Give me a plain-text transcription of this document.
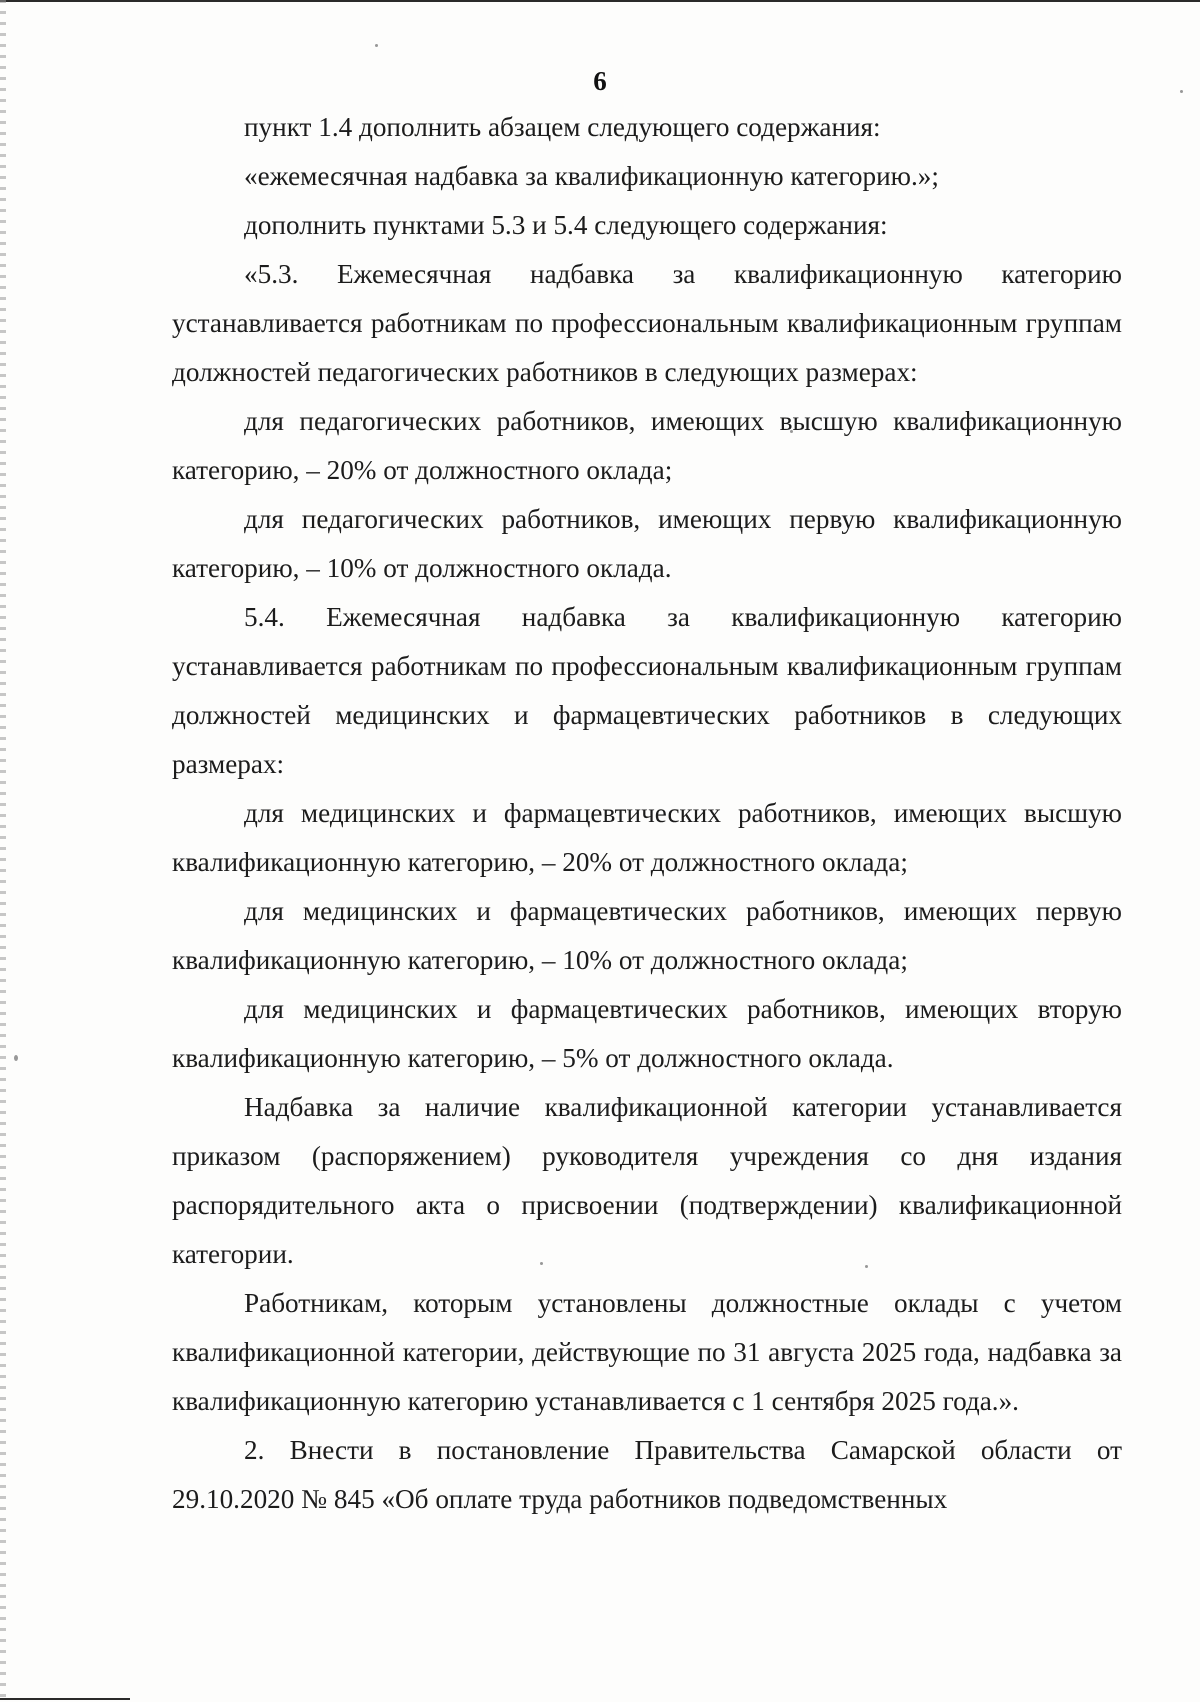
6

пункт 1.4 дополнить абзацем следующего содержания:

«ежемесячная надбавка за квалификационную категорию.»;

дополнить пунктами 5.3 и 5.4 следующего содержания:

«5.3. Ежемесячная надбавка за квалификационную категорию устанавливается работникам по профессиональным квалификационным группам должностей педагогических работников в следующих размерах:

для педагогических работников, имеющих высшую квалификационную категорию, – 20% от должностного оклада;

для педагогических работников, имеющих первую квалификационную категорию, – 10% от должностного оклада.

5.4. Ежемесячная надбавка за квалификационную категорию устанавливается работникам по профессиональным квалификационным группам должностей медицинских и фармацевтических работников в следующих размерах:

для медицинских и фармацевтических работников, имеющих высшую квалификационную категорию, – 20% от должностного оклада;

для медицинских и фармацевтических работников, имеющих первую квалификационную категорию, – 10% от должностного оклада;

для медицинских и фармацевтических работников, имеющих вторую квалификационную категорию, – 5% от должностного оклада.

Надбавка за наличие квалификационной категории устанавливается приказом (распоряжением) руководителя учреждения со дня издания распорядительного акта о присвоении (подтверждении) квалификационной категории.

Работникам, которым установлены должностные оклады с учетом квалификационной категории, действующие по 31 августа 2025 года, надбавка за квалификационную категорию устанавливается с 1 сентября 2025 года.».

2. Внести в постановление Правительства Самарской области от 29.10.2020 № 845 «Об оплате труда работников подведомственных
